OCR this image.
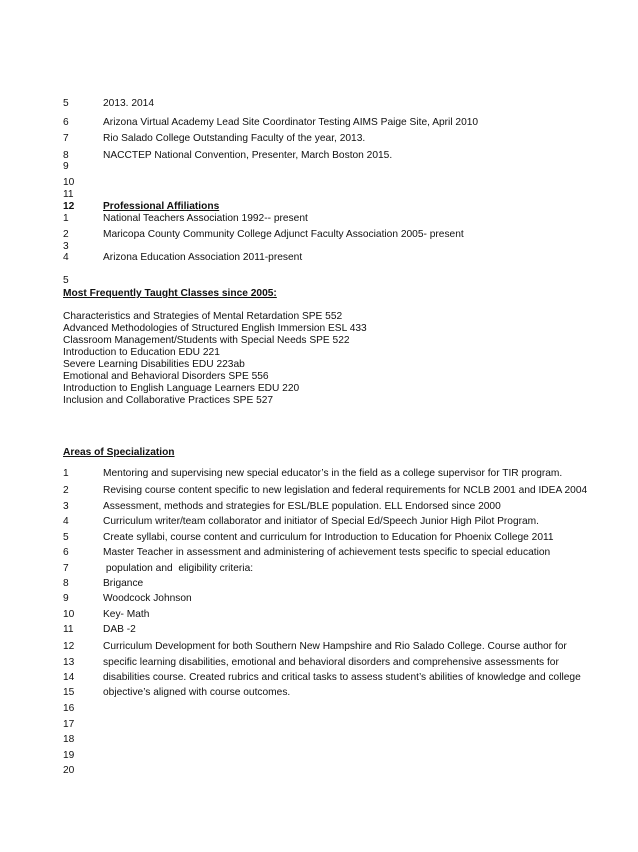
5	2013. 2014
6	Arizona Virtual Academy Lead Site Coordinator Testing AIMS Paige Site, April 2010
7	Rio Salado College Outstanding Faculty of the year, 2013.
8	NACCTEP National Convention, Presenter, March Boston 2015.
9
10
11
12	Professional Affiliations
1	National Teachers Association 1992-- present
2	Maricopa County Community College Adjunct Faculty Association 2005- present
3
4	Arizona Education Association 2011-present
5
Most Frequently Taught Classes since 2005:
Characteristics and Strategies of Mental Retardation SPE 552
Advanced Methodologies of Structured English Immersion ESL 433
Classroom Management/Students with Special Needs SPE 522
Introduction to Education EDU 221
Severe Learning Disabilities EDU 223ab
Emotional and Behavioral Disorders SPE 556
Introduction to English Language Learners EDU 220
Inclusion and Collaborative Practices SPE 527
Areas of Specialization
1	Mentoring and supervising new special educator’s in the field as a college supervisor for TIR program.
2	Revising course content specific to new legislation and federal requirements for NCLB 2001 and IDEA 2004
3	Assessment, methods and strategies for ESL/BLE population. ELL Endorsed since 2000
4	Curriculum writer/team collaborator and initiator of Special Ed/Speech Junior High Pilot Program.
5	Create syllabi, course content and curriculum for Introduction to Education for Phoenix College 2011
6	Master Teacher in assessment and administering of achievement tests specific to special education
7	population and  eligibility criteria:
8	Brigance
9	Woodcock Johnson
10	Key- Math
11	DAB -2
12	Curriculum Development for both Southern New Hampshire and Rio Salado College. Course author for
13	specific learning disabilities, emotional and behavioral disorders and comprehensive assessments for
14	disabilities course. Created rubrics and critical tasks to assess student’s abilities of knowledge and college
15	objective’s aligned with course outcomes.
16
17
18
19
20
